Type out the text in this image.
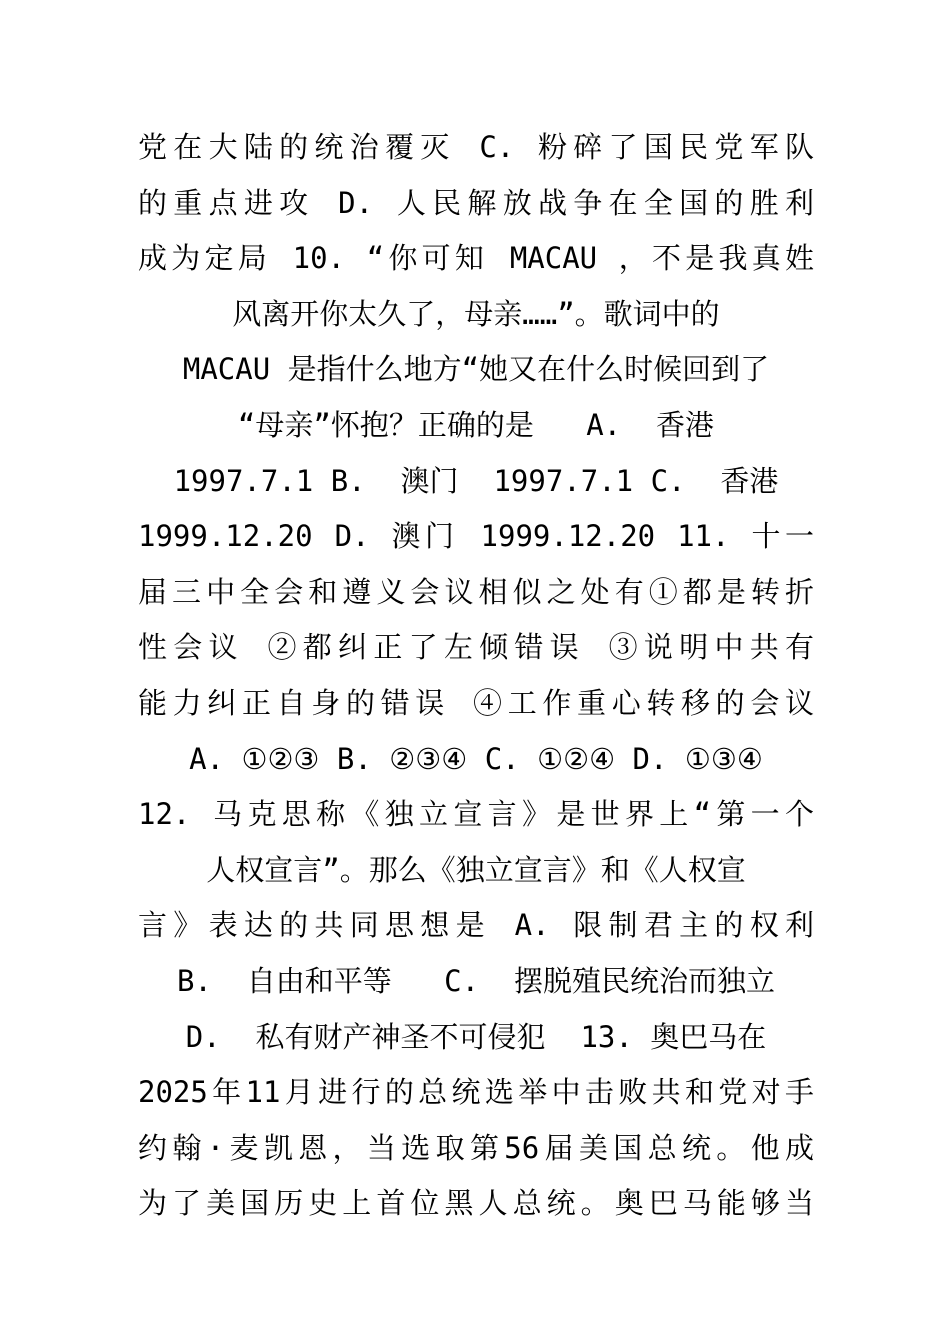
党在大陆的统治覆灭 C. 粉碎了国民党军队
的重点进攻 D. 人民解放战争在全国的胜利
成为定局 10. “你可知 MACAU ，不是我真姓
风离开你太久了，母亲……”。歌词中的
MACAU 是指什么地方“她又在什么时候回到了
“母亲”怀抱？正确的是   A.  香港
1997.7.1 B.  澳门  1997.7.1 C.  香港
1999.12.20 D. 澳门 1999.12.20 11. 十一
届三中全会和遵义会议相似之处有①都是转折
性会议 ②都纠正了左倾错误 ③说明中共有
能力纠正自身的错误 ④工作重心转移的会议
A. ①②③ B. ②③④ C. ①②④ D. ①③④
12. 马克思称《独立宣言》是世界上“第一个
人权宣言”。那么《独立宣言》和《人权宣
言》表达的共同思想是 A. 限制君主的权利
B.  自由和平等   C.  摆脱殖民统治而独立
D.  私有财产神圣不可侵犯  13. 奥巴马在
2025年11月进行的总统选举中击败共和党对手
约翰·麦凯恩，当选取第56届美国总统。他成
为了美国历史上首位黑人总统。奥巴马能够当
